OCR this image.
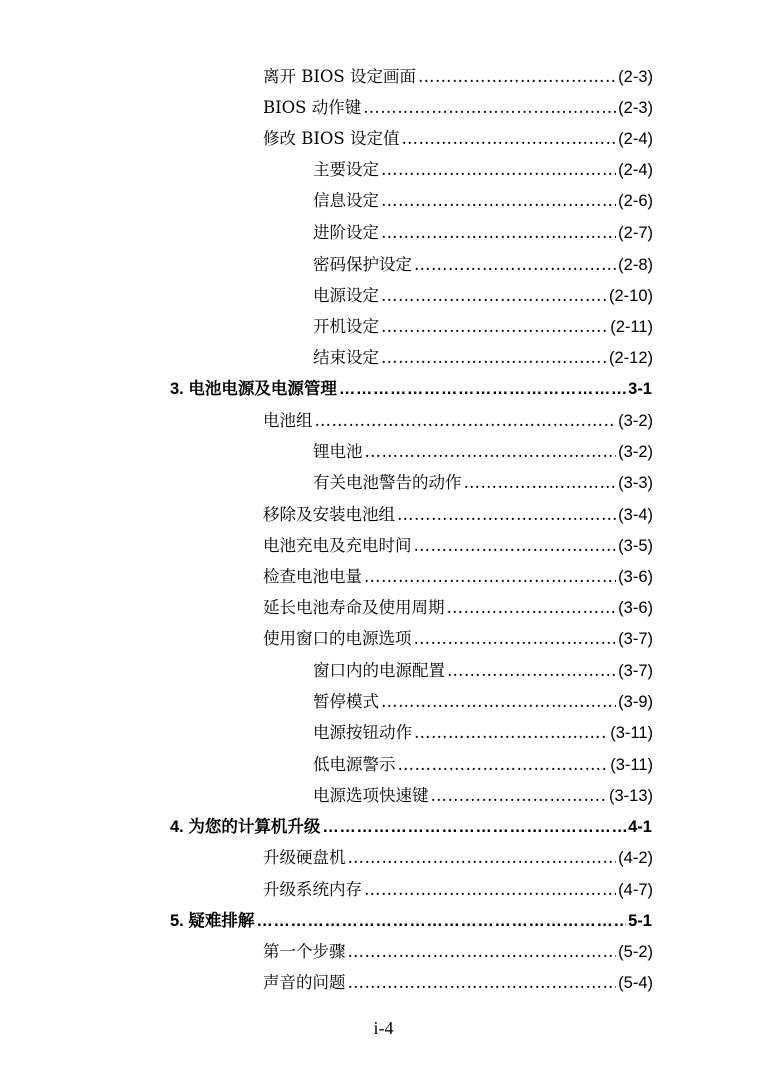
离开 BIOS 设定画面 ………………………………………………………………………………………………………………	(2-3)
BIOS 动作键 ………………………………………………………………………………………………………………	(2-3)
修改 BIOS 设定值 ………………………………………………………………………………………………………………	(2-4)
主要设定 ………………………………………………………………………………………………………………	(2-4)
信息设定 ………………………………………………………………………………………………………………	(2-6)
进阶设定 ………………………………………………………………………………………………………………	(2-7)
密码保护设定 ………………………………………………………………………………………………………………	(2-8)
电源设定 ………………………………………………………………………………………………………………	(2-10)
开机设定 ………………………………………………………………………………………………………………	(2-11)
结束设定 ………………………………………………………………………………………………………………	(2-12)
3. 电池电源及电源管理 ………………………………………………………………………………………………………………	3-1
电池组 ………………………………………………………………………………………………………………	(3-2)
锂电池 ………………………………………………………………………………………………………………	(3-2)
有关电池警告的动作 ………………………………………………………………………………………………………………	(3-3)
移除及安装电池组 ………………………………………………………………………………………………………………	(3-4)
电池充电及充电时间 ………………………………………………………………………………………………………………	(3-5)
检查电池电量 ………………………………………………………………………………………………………………	(3-6)
延长电池寿命及使用周期 ………………………………………………………………………………………………………………	(3-6)
使用窗口的电源选项 ………………………………………………………………………………………………………………	(3-7)
窗口内的电源配置 ………………………………………………………………………………………………………………	(3-7)
暂停模式 ………………………………………………………………………………………………………………	(3-9)
电源按钮动作 ………………………………………………………………………………………………………………	(3-11)
低电源警示 ………………………………………………………………………………………………………………	(3-11)
电源选项快速键 ………………………………………………………………………………………………………………	(3-13)
4. 为您的计算机升级 ………………………………………………………………………………………………………………	4-1
升级硬盘机 ………………………………………………………………………………………………………………	(4-2)
升级系统内存 ………………………………………………………………………………………………………………	(4-7)
5. 疑难排解 ………………………………………………………………………………………………………………	5-1
第一个步骤 ………………………………………………………………………………………………………………	(5-2)
声音的问题 ………………………………………………………………………………………………………………	(5-4)
i-4
